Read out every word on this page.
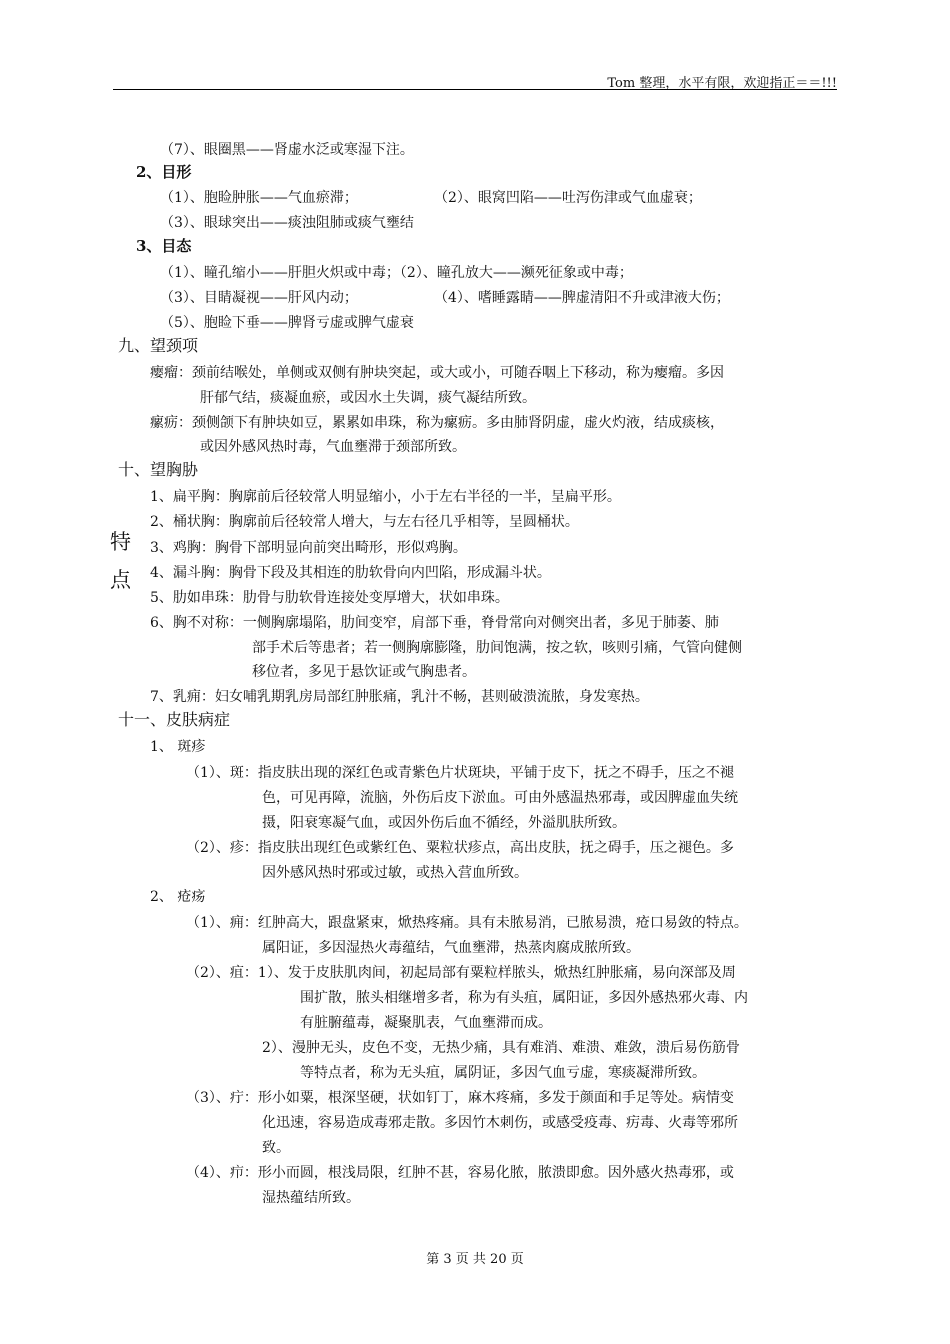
Tom 整理，水平有限，欢迎指正＝＝!!!
（7）、眼圈黑——肾虚水泛或寒湿下注。
2、目形
（1）、胞睑肿胀——气血瘀滞；	（2）、眼窝凹陷——吐泻伤津或气血虚衰；
（3）、眼球突出——痰浊阻肺或痰气壅结
3、目态
（1）、瞳孔缩小——肝胆火炽或中毒；（2）、瞳孔放大——濒死征象或中毒；
（3）、目睛凝视——肝风内动；	（4）、嗜睡露睛——脾虚清阳不升或津液大伤；
（5）、胞睑下垂——脾肾亏虚或脾气虚衰
九、望颈项
瘿瘤：颈前结喉处，单侧或双侧有肿块突起，或大或小，可随吞咽上下移动，称为瘿瘤。多因
肝郁气结，痰凝血瘀，或因水土失调，痰气凝结所致。
瘰疬：颈侧颌下有肿块如豆，累累如串珠，称为瘰疬。多由肺肾阴虚，虚火灼液，结成痰核，
或因外感风热时毒，气血壅滞于颈部所致。
十、望胸胁
1、扁平胸：胸廓前后径较常人明显缩小，小于左右半径的一半，呈扁平形。
2、桶状胸：胸廓前后径较常人增大，与左右径几乎相等，呈圆桶状。
3、鸡胸：胸骨下部明显向前突出畸形，形似鸡胸。
4、漏斗胸：胸骨下段及其相连的肋软骨向内凹陷，形成漏斗状。
5、肋如串珠：肋骨与肋软骨连接处变厚增大，状如串珠。
6、胸不对称：一侧胸廓塌陷，肋间变窄，肩部下垂，脊骨常向对侧突出者，多见于肺萎、肺
部手术后等患者；若一侧胸廓膨隆，肋间饱满，按之软，咳则引痛，气管向健侧
移位者，多见于悬饮证或气胸患者。
7、乳痈：妇女哺乳期乳房局部红肿胀痛，乳汁不畅，甚则破溃流脓，身发寒热。
十一、皮肤病症
1、 斑疹
（1）、斑：指皮肤出现的深红色或青紫色片状斑块，平铺于皮下，抚之不碍手，压之不褪
色，可见再障，流脑，外伤后皮下淤血。可由外感温热邪毒，或因脾虚血失统
摄，阳衰寒凝气血，或因外伤后血不循经，外溢肌肤所致。
（2）、疹：指皮肤出现红色或紫红色、粟粒状疹点，高出皮肤，抚之碍手，压之褪色。多
因外感风热时邪或过敏，或热入营血所致。
2、 疮疡
（1）、痈：红肿高大，跟盘紧束，焮热疼痛。具有未脓易消，已脓易溃，疮口易敛的特点。
属阳证，多因湿热火毒蕴结，气血壅滞，热蒸肉腐成脓所致。
（2）、疽：1）、发于皮肤肌肉间，初起局部有粟粒样脓头，焮热红肿胀痛，易向深部及周
围扩散，脓头相继增多者，称为有头疽，属阳证，多因外感热邪火毒、内
有脏腑蕴毒，凝聚肌表，气血壅滞而成。
2）、漫肿无头，皮色不变，无热少痛，具有难消、难溃、难敛，溃后易伤筋骨
等特点者，称为无头疽，属阴证，多因气血亏虚，寒痰凝滞所致。
（3）、疔：形小如粟，根深坚硬，状如钉丁，麻木疼痛，多发于颜面和手足等处。病情变
化迅速，容易造成毒邪走散。多因竹木刺伤，或感受疫毒、疠毒、火毒等邪所
致。
（4）、疖：形小而圆，根浅局限，红肿不甚，容易化脓，脓溃即愈。因外感火热毒邪，或
湿热蕴结所致。
特
点
第 3 页 共 20 页
